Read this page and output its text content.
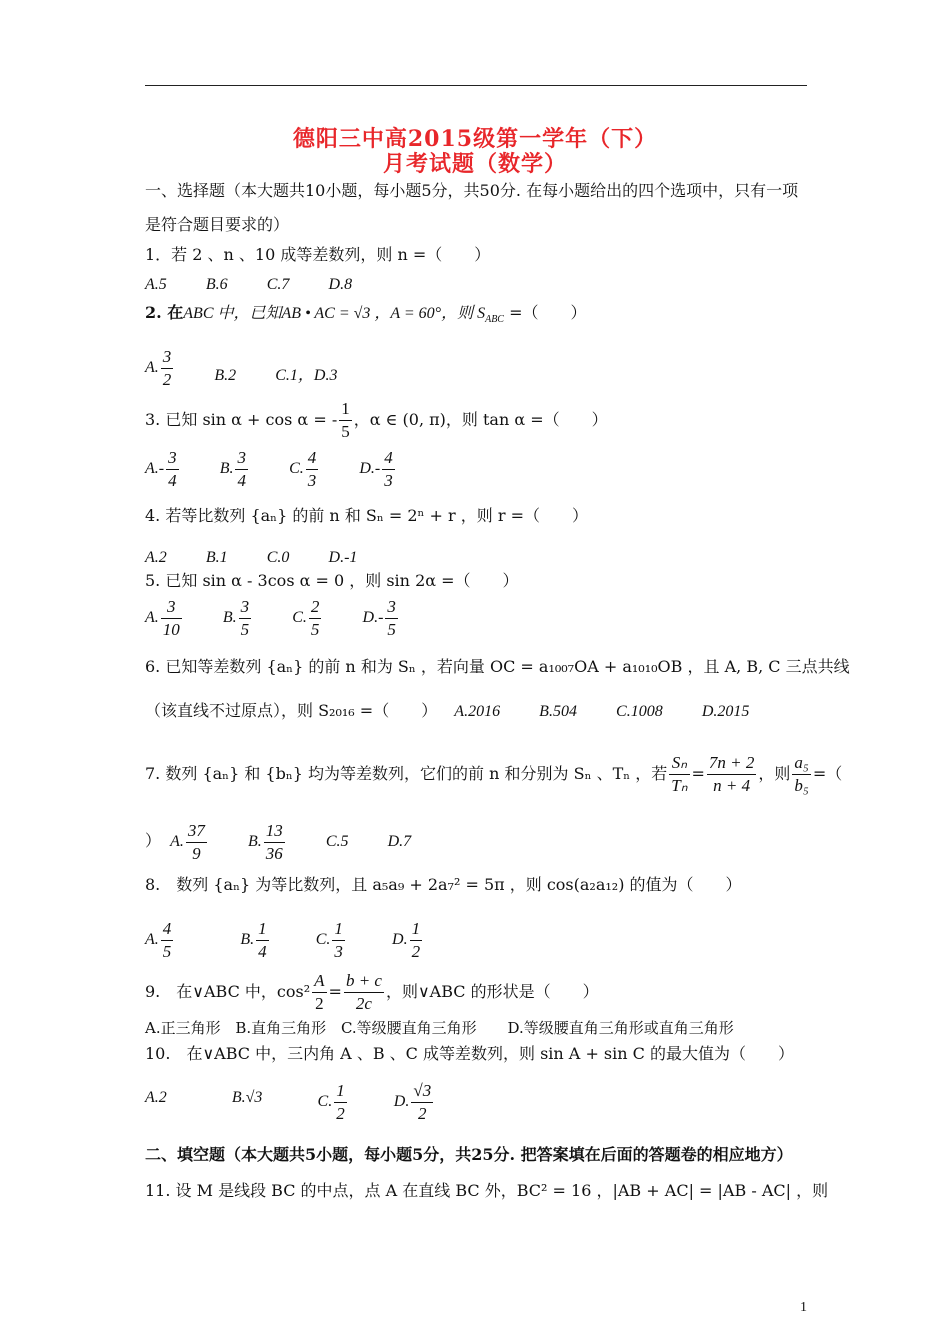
德阳三中高2015级第一学年（下）
月考试题（数学）
一、选择题（本大题共10小题，每小题5分，共50分. 在每小题给出的四个选项中，只有一项
是符合题目要求的）
1．若 2 、n 、10 成等差数列，则 n =（　　）
A.5 B.6 C.7 D.8
2. 在ABC 中，已知AB • AC = √3 ，A = 60°，则 $S_{ABC}$ =（　　）
A. $\frac{3}{2}$	B.2 C.1，D.3
3. 已知 sin α + cos α = - $\frac{1}{5}$ ，α ∈ (0, π)，则 tan α =（　　）
$A.- \frac{3}{4}$	B. $\frac{3}{4}$	C. $\frac{4}{3}$	$D.- \frac{4}{3}$
4. 若等比数列 {aₙ} 的前 n 和 Sₙ = 2ⁿ + r ，则 r =（　　）
A.2 B.1 C.0 D.-1
5. 已知 sin α - 3cos α = 0 ，则 sin 2α =（　　）
A. $\frac{3}{10}$	B. $\frac{3}{5}$	C. $\frac{2}{5}$	$D.- \frac{3}{5}$
6. 已知等差数列 {aₙ} 的前 n 和为 Sₙ ，若向量 OC = a₁₀₀₇OA + a₁₀₁₀OB ，且 A, B, C 三点共线
（该直线不过原点），则 S₂₀₁₆ =（　　） A.2016 B.504 C.1008 D.2015
7. 数列 {aₙ} 和 {bₙ} 均为等差数列，它们的前 n 和分别为 Sₙ 、Tₙ ，若 $\frac{\text{Sₙ}}{\text{Tₙ}} = \frac{7n + 2}{n + 4}$ ，则 $\frac{\text{a₅}}{\text{b₅}}$ =（
） A. $\frac{37}{9}$	B. $\frac{13}{36}$	C.5 D.7
8.　数列 {aₙ} 为等比数列，且 a₅a₉ + 2a₇² = 5π ，则 cos(a₂a₁₂) 的值为（　　）
A. $\frac{4}{5}$	B. $\frac{1}{4}$	C. $\frac{1}{3}$	D. $\frac{1}{2}$
9.　在∨ABC 中，$\cos^2 \frac{A}{2} = \frac{b + c}{2c}$ ，则∨ABC 的形状是（　　）
A.正三角形 B.直角三角形 C.等级腰直角三角形 D.等级腰直角三角形或直角三角形
10.　在∨ABC 中，三内角 A 、B 、C 成等差数列，则 sin A + sin C 的最大值为（　　）
A.2	B.√3	C. $\frac{1}{2}$	D. $\frac{√3}{2}$
二、填空题（本大题共5小题，每小题5分，共25分. 把答案填在后面的答题卷的相应地方）
11. 设 M 是线段 BC 的中点，点 A 在直线 BC 外，BC² = 16 ，|AB + AC| = |AB - AC| ，则
1
